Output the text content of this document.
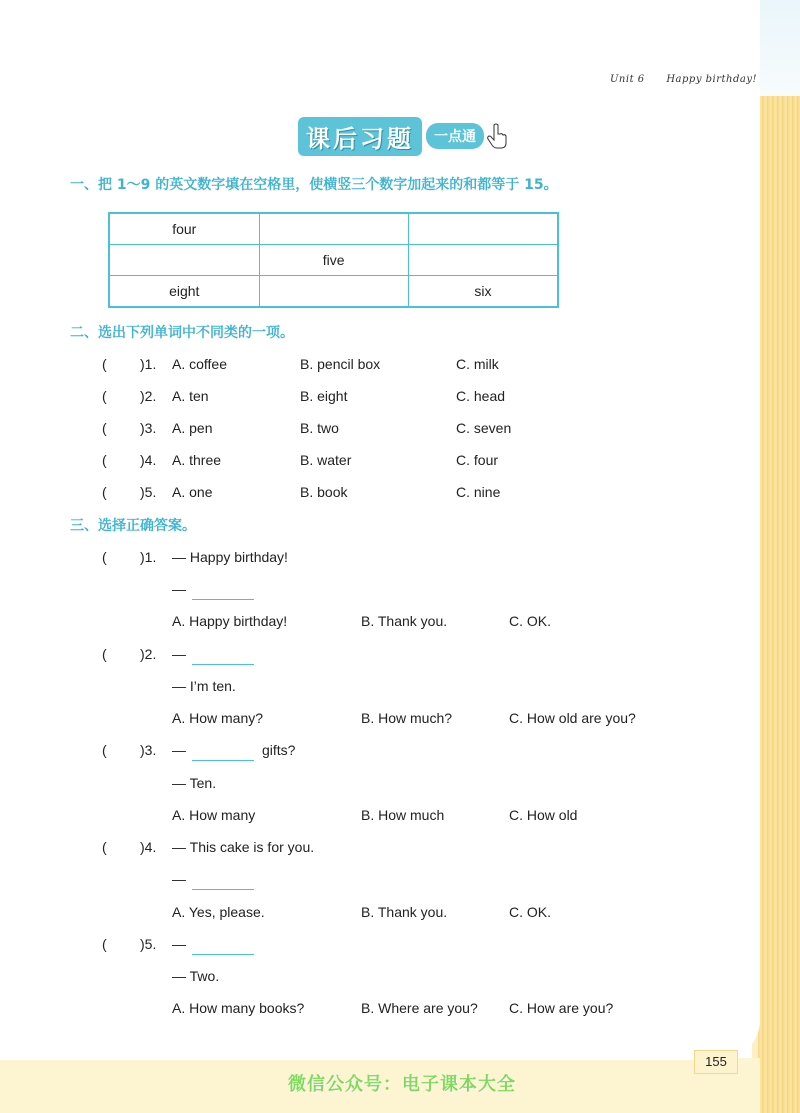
Unit 6 Happy birthday!
课后习题	一点通
一、把 1～9 的英文数字填在空格里，使横竖三个数字加起来的和都等于 15。
four		
	five	
eight		six
二、选出下列单词中不同类的一项。
( )1. A. coffee	B. pencil box	C. milk
( )2. A. ten	B. eight	C. head
( )3. A. pen	B. two	C. seven
( )4. A. three	B. water	C. four
( )5. A. one	B. book	C. nine
三、选择正确答案。
( )1. — Happy birthday!
—
A. Happy birthday!	B. Thank you.	C. OK.
( )2. —
— I’m ten.
A. How many?	B. How much?	C. How old are you?
( )3. —	gifts?
— Ten.
A. How many	B. How much	C. How old
( )4. — This cake is for you.
—
A. Yes, please.	B. Thank you.	C. OK.
( )5. —
— Two.
A. How many books?	B. Where are you? C. How are you?
155
微信公众号：电子课本大全
